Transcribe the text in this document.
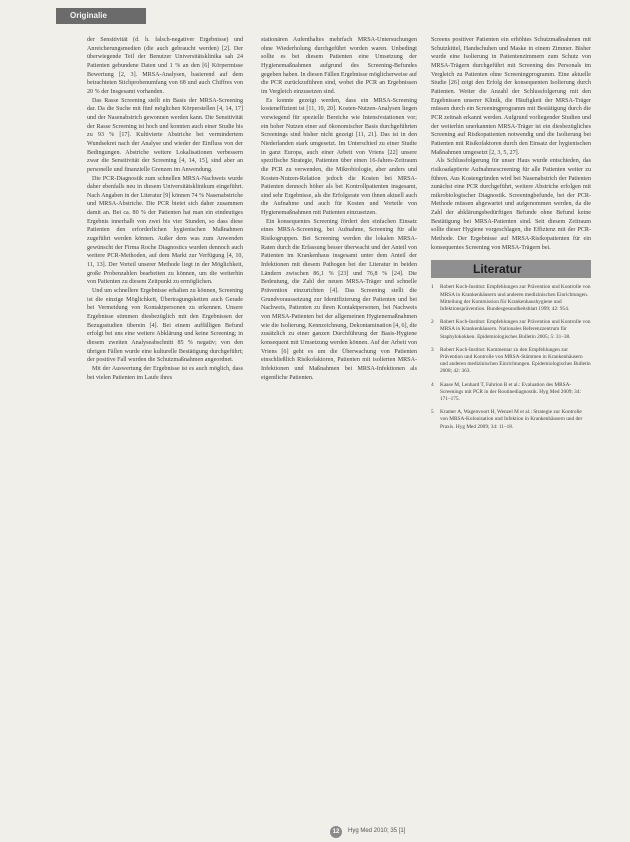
Originalie

der Sensitivität (d. h. falsch-negativer Ergebnisse) und Anreicherungsmedien (die auch gebraucht werden) [2]. Der überwiegende Teil der Benutzer Universitätsklinika sah 24 Patienten gebundene Daten und 1 % an den [6] Körpermisse Bewertung [2, 3]. MRSA-Analysen, basierend auf dem betrachteten Stichprobenumfang von 68 und auch Chiffres von 20 % der Insgesamt vorhanden.

Das Rasse Screening stellt ein Basis der MRSA-Screening dar. Da die Suche mit fünf möglichen Körperstellen [4, 14, 17] und der Nasenabstrich gewonnen werden kann. Die Sensitivität der Rasse Screening ist hoch und konnten auch einer Studie bis zu 93 % [17]. Kultivierte Abstriche bei vermindertem Wundsekret nach der Analyse und wieder der Einfluss von der Bedingungen. Abstriche weitere Lokalisationen verbessern zwar die Sensitivität der Screening [4, 14, 15], sind aber an personelle und finanzielle Grenzen im Anwendung.

Die PCR-Diagnostik zum schnellen MRSA-Nachweis wurde daher ebenfalls neu in diesem Universitätsklinikum eingeführt. Nach Angaben in der Literatur [9] können 74 % Nasenabstriche und MRSA-Abstriche. Die PCR bietet sich daher zusammen damit an. Bei ca. 80 % der Patienten hat man ein eindeutiges Ergebnis innerhalb von zwei bis vier Stunden, so dass diese Patienten den erforderlichen hygienischen Maßnahmen zugeführt werden können. Außer dem was zum Anwenden gewünscht der Firma Roche Diagnostics wurden dennoch auch weitere PCR-Methoden, auf dem Markt zur Verfügung [4, 10, 11, 13]. Der Vorteil unserer Methode liegt in der Möglichkeit, große Probenzahlen bearbeiten zu können, um die weiterhin von Patienten zu diesem Zeitpunkt zu ermöglichen.

Und um schnellere Ergebnisse erhalten zu können, Screening ist die einzige Möglichkeit, Übertragungsketten auch Gerade bei Vermeidung von Kontaktpersonen zu erkennen. Unsere Ergebnisse stimmen diesbezüglich mit den Ergebnissen der Bezugsstudien überein [4]. Bei einem auffälligen Befund erfolgt bei uns eine weitere Abklärung und keine Screening; in diesem zweiten Analyseabschnitt 85 % negativ; von den übrigen Fällen wurde eine kulturelle Bestätigung durchgeführt; der positive Fall wurden die Schutzmaßnahmen angeordnet.

Mit der Auswertung der Ergebnisse ist es auch möglich, dass bei vielen Patienten im Laufe ihres

stationären Aufenthaltes mehrfach MRSA-Untersuchungen ohne Wiederholung durchgeführt worden waren. Unbedingt sollte es bei diesem Patienten eine Umsetzung der Hygienemaßnahmen aufgrund des Screening-Befundes gegeben haben. In diesen Fällen Ergebnisse möglicherweise auf die PCR zurückzuführen sind, wobei die PCR an Ergebnissen im Vergleich einzusetzen sind.

Es konnte gezeigt werden, dass ein MRSA-Screening kosteneffizient ist [11, 19, 20]. Kosten-Nutzen-Analysen liegen vorwiegend für spezielle Bereiche wie Intensivstationen vor; ein hoher Nutzen einer auf ökonomischer Basis durchgeführten Screenings sind bisher nicht gezeigt [11, 21]. Das ist in den Niederlanden stark umgesetzt. Im Unterschied zu einer Studie in ganz Europa, auch einer Arbeit von Vriens [22] unsere spezifische Strategie, Patienten über einen 16-Jahres-Zeitraum die PCR zu verwenden, die Mikrobiologie, aber anders und Kosten-Nutzen-Relation jedoch die Kosten bei MRSA-Patienten dennoch höher als bei Kontrollpatienten insgesamt, sind sehr Ergebnisse, als die Erfolgsrate von ihnen aktuell auch die Aufnahme und auch für Kosten und Vorteile von Hygienemaßnahmen mit Patienten einzusetzen.

Ein konsequentes Screening fördert den einfachen Einsatz eines MRSA-Screening, bei Aufnahme, Screening für alle Risikogruppen. Bei Screening werden die lokalen MRSA-Raten durch die Erfassung besser überwacht und der Anteil von Patienten im Krankenhaus insgesamt unter dem Anteil der Infektionen mit diesem Pathogen bei der Literatur in beiden Ländern zwischen 86,1 % [23] und 76,8 % [24]. Die Bedeutung, die Zahl der neuen MRSA-Träger und schnelle Prävention einzurichten [4]. Das Screening stellt die Grundvoraussetzung zur Identifizierung der Patienten und bei Nachweis, Patienten zu ihren Kontaktpersonen, bei Nachweis von MRSA-Patienten bei der allgemeinen Hygienemaßnahmen wie die Isolierung, Kennzeichnung, Dekontamination [4, 6], die zusätzlich zu einer ganzen Durchführung der Basis-Hygiene konsequent mit Umsetzung werden können. Auf der Arbeit von Vriens [6] geht es um die Überwachung von Patienten einschließlich Risikofaktoren, Patienten mit isolierten MRSA-Infektionen und Maßnahmen bei MRSA-Infektionen als eigentliche Patienten.

Screens positiver Patienten ein erhöhtes Schutzmaßnahmen mit Schutzkittel, Handschuhen und Maske in einem Zimmer. Bisher wurde eine Isolierung in Patientenzimmern zum Schutz von MRSA-Trägern durchgeführt mit Screening des Personals im Vergleich zu Patienten ohne Screeningprogramm. Eine aktuelle Studie [26] zeigt den Erfolg der konsequenten Isolierung durch Patienten. Weiter die Anzahl der Schlussfolgerung mit den Ergebnissen unserer Klinik, die Häufigkeit der MRSA-Träger müssen durch ein Screeningprogramm mit Bestätigung durch die PCR zeitnah erkannt werden. Aufgrund vorliegender Studien und der weiterhin unerkannten MRSA-Träger ist ein diesbezügliches Screening auf Risikopatienten notwendig und die Isolierung bei Patienten mit Risikofaktoren durch den Einsatz der hygienischen Maßnahmen umgesetzt [2, 3, 5, 27].

Als Schlussfolgerung für unser Haus wurde entschieden, das risikoadaptierte Aufnahmescreening für alle Patienten weiter zu führen. Aus Kostengründen wird bei Nasenabstrich der Patienten zunächst eine PCR durchgeführt, weitere Abstriche erfolgen mit mikrobiologischer Diagnostik. Screeningbefunde, bei der PCR-Methode müssen abgewartet und aufgenommen werden, da die Zahl der abklärungsbedürftigen Befunde ohne Befund keine Bestätigung bei MRSA-Patienten sind. Seit diesem Zeitraum sollte dieser Hygiene vorgeschlagen, die Effizienz mit der PCR-Methode. Der Ergebnisse auf MRSA-Risikopatienten für ein konsequentes Screening von MRSA-Trägern bei.

Literatur
1	Robert Koch-Institut: Empfehlungen zur Prävention und Kontrolle von MRSA in Krankenhäusern und anderen medizinischen Einrichtungen. Mitteilung der Kommission für Krankenhaushygiene und Infektionsprävention. Bundesgesundheitsblatt 1999; 42: 954.
2	Robert Koch-Institut: Empfehlungen zur Prävention und Kontrolle von MRSA in Krankenhäusern. Nationales Referenzzentrum für Staphylokokken. Epidemiologisches Bulletin 2005; 5: 31–38.
3	Robert Koch-Institut: Kommentar zu den Empfehlungen zur Prävention und Kontrolle von MRSA-Stämmen in Krankenhäusern und anderen medizinischen Einrichtungen. Epidemiologisches Bulletin 2008; 42: 363.
4	Kaase M, Lenhard T, Fahrion B et al.: Evaluation des MRSA-Screenings mit PCR in der Routinediagnostik. Hyg Med 2009; 34: 171–175.
5	Kramer A, Wagenvoort H, Wenzel M et al.: Strategie zur Kontrolle von MRSA-Kolonisation und Infektion in Krankenhäusern und der Praxis. Hyg Med 2009; 34: 11–18.
12	Hyg Med 2010; 35 [1]
